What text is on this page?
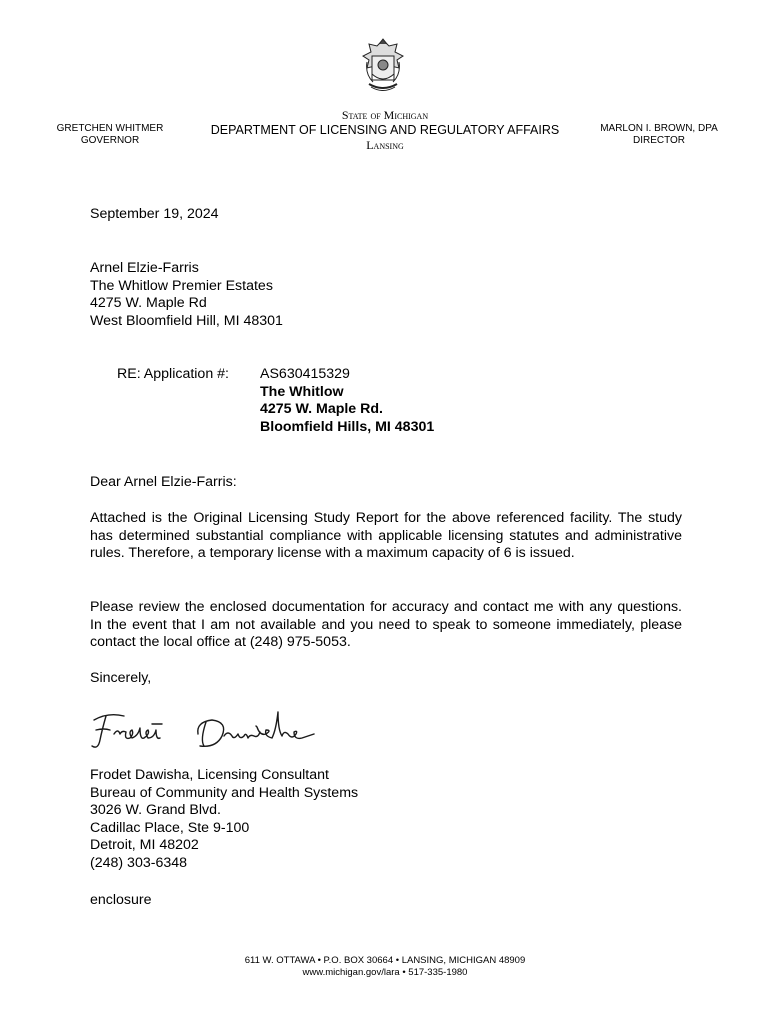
GRETCHEN WHITMER
GOVERNOR
State of Michigan
DEPARTMENT OF LICENSING AND REGULATORY AFFAIRS
Lansing
MARLON I. BROWN, DPA
DIRECTOR
September 19, 2024
Arnel Elzie-Farris
The Whitlow Premier Estates
4275 W. Maple Rd
West Bloomfield Hill, MI 48301
RE: Application #: AS630415329
The Whitlow
4275 W. Maple Rd.
Bloomfield Hills, MI 48301
Dear Arnel Elzie-Farris:
Attached is the Original Licensing Study Report for the above referenced facility. The study has determined substantial compliance with applicable licensing statutes and administrative rules. Therefore, a temporary license with a maximum capacity of 6 is issued.
Please review the enclosed documentation for accuracy and contact me with any questions. In the event that I am not available and you need to speak to someone immediately, please contact the local office at (248) 975-5053.
Sincerely,
Frodet Dawisha, Licensing Consultant
Bureau of Community and Health Systems
3026 W. Grand Blvd.
Cadillac Place, Ste 9-100
Detroit, MI 48202
(248) 303-6348
enclosure
611 W. OTTAWA • P.O. BOX 30664 • LANSING, MICHIGAN 48909
www.michigan.gov/lara • 517-335-1980
